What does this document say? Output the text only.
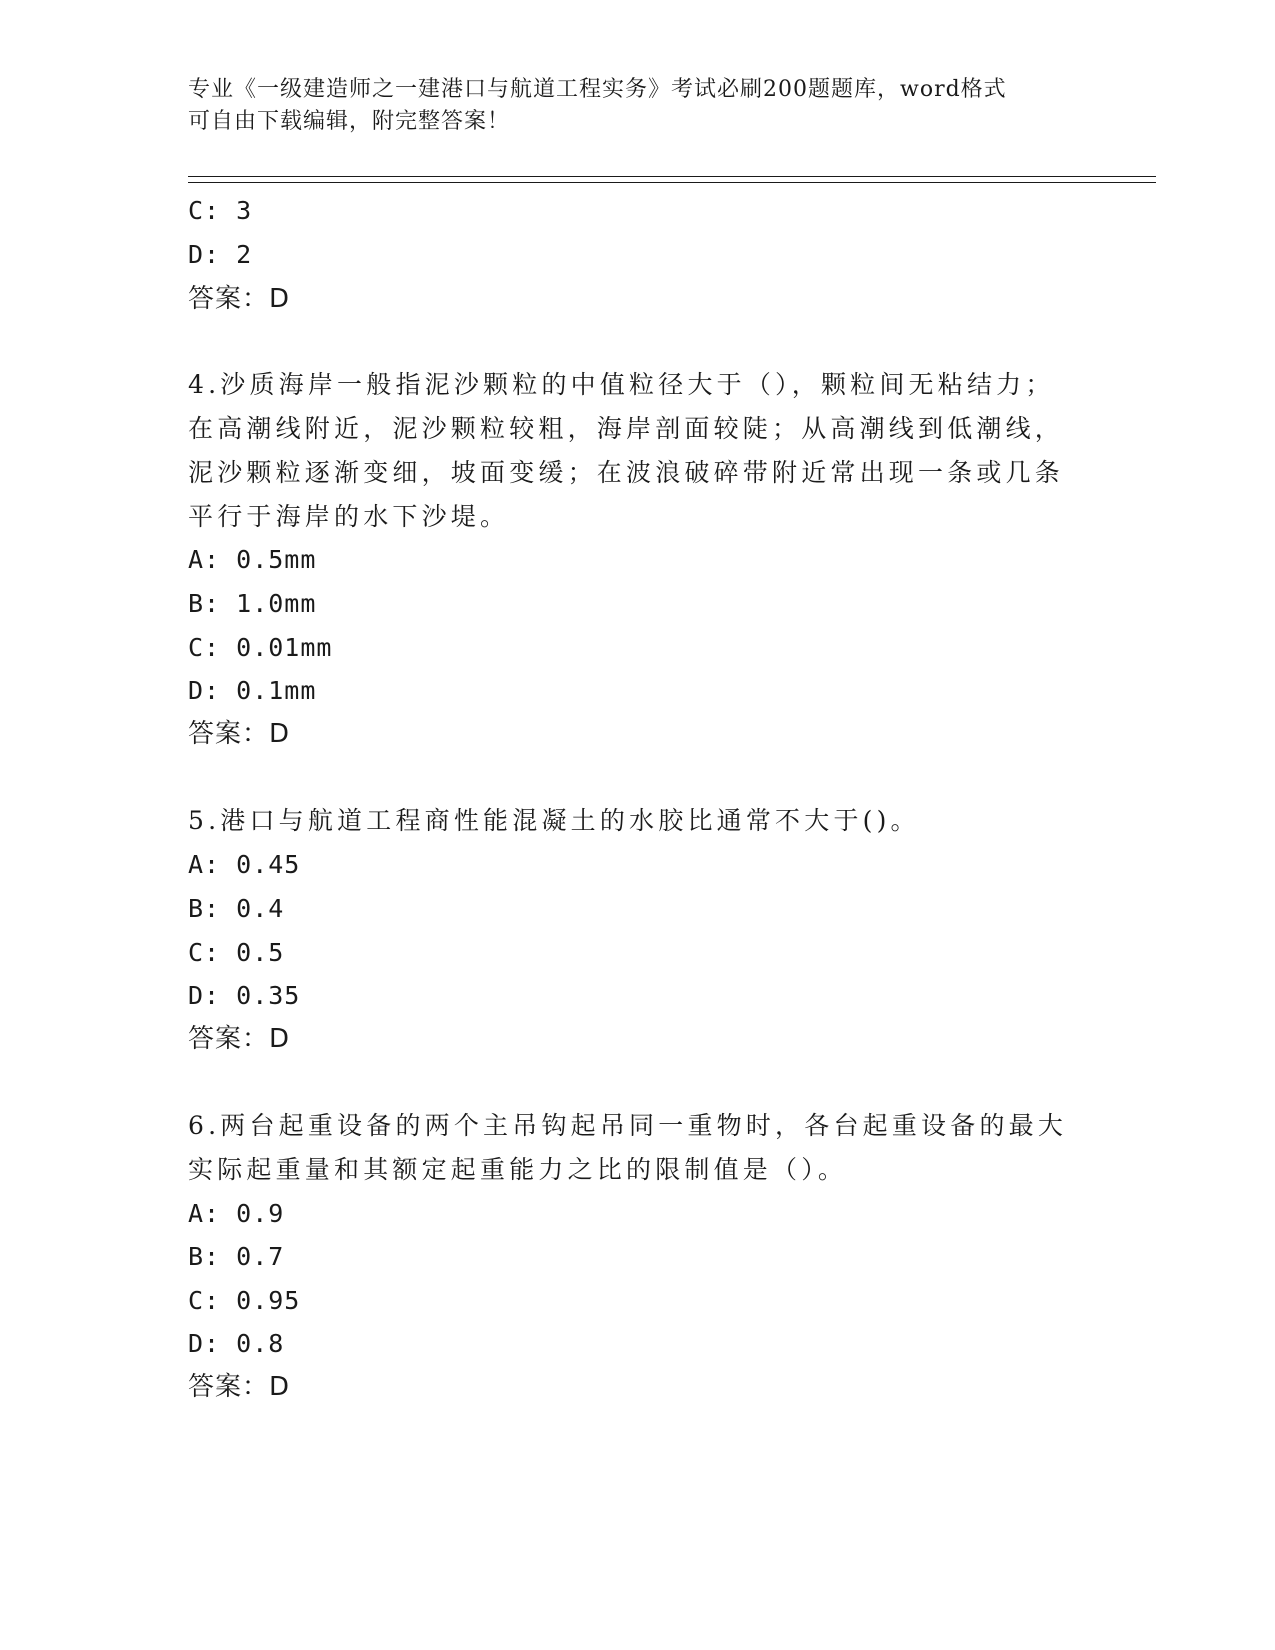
专业《一级建造师之一建港口与航道工程实务》考试必刷200题题库，word格式
可自由下载编辑，附完整答案！
C: 3
D: 2
答案：D
4.沙质海岸一般指泥沙颗粒的中值粒径大于（），颗粒间无粘结力；
在高潮线附近，泥沙颗粒较粗，海岸剖面较陡；从高潮线到低潮线，
泥沙颗粒逐渐变细，坡面变缓；在波浪破碎带附近常出现一条或几条
平行于海岸的水下沙堤。
A: 0.5mm
B: 1.0mm
C: 0.01mm
D: 0.1mm
答案：D
5.港口与航道工程商性能混凝土的水胶比通常不大于()。
A: 0.45
B: 0.4
C: 0.5
D: 0.35
答案：D
6.两台起重设备的两个主吊钩起吊同一重物时，各台起重设备的最大
实际起重量和其额定起重能力之比的限制值是（）。
A: 0.9
B: 0.7
C: 0.95
D: 0.8
答案：D
